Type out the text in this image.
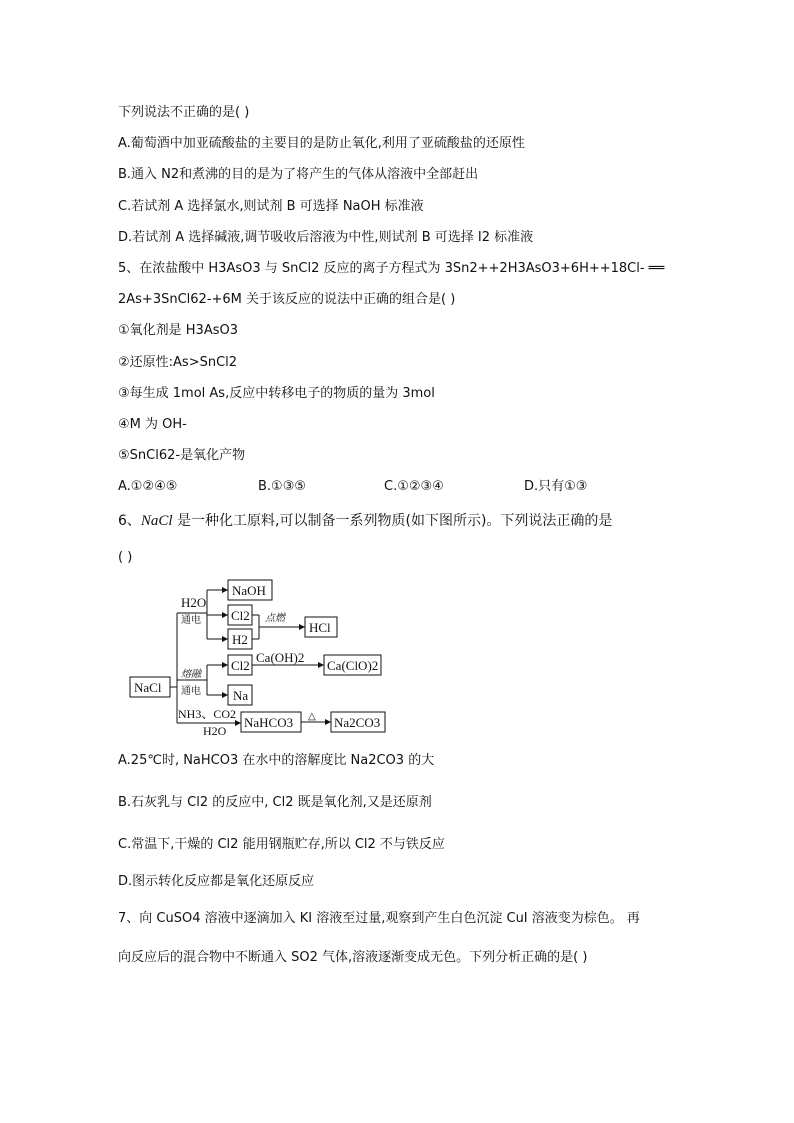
下列说法不正确的是( )
A.葡萄酒中加亚硫酸盐的主要目的是防止氧化,利用了亚硫酸盐的还原性
B.通入 N2和煮沸的目的是为了将产生的气体从溶液中全部赶出
C.若试剂 A 选择氯水,则试剂 B 可选择 NaOH 标准液
D.若试剂 A 选择碱液,调节吸收后溶液为中性,则试剂 B 可选择 I2 标准液
5、在浓盐酸中 H3AsO3 与 SnCl2 反应的离子方程式为 3Sn2++2H3AsO3+6H++18Cl- ══
2As+3SnCl62-+6M 关于该反应的说法中正确的组合是( )
①氧化剂是 H3AsO3
②还原性:As>SnCl2
③每生成 1mol As,反应中转移电子的物质的量为 3mol
④M 为 OH-
⑤SnCl62-是氧化产物
A.①②④⑤	B.①③⑤	C.①②③④	D.只有①③
6、NaCl 是一种化工原料,可以制备一系列物质(如下图所示)。下列说法正确的是
( )
NaCl
NaOH
Cl2
H2
HCl
H2O
通电	点燃
Cl2
Ca(OH)2
Ca(ClO)2
熔融
通电 Na
NH3、CO2
H2O
NaHCO3 △ Na2CO3
A.25℃时, NaHCO3 在水中的溶解度比 Na2CO3 的大
B.石灰乳与 Cl2 的反应中, Cl2 既是氧化剂,又是还原剂
C.常温下,干燥的 Cl2 能用钢瓶贮存,所以 Cl2 不与铁反应
D.图示转化反应都是氧化还原反应
7、向 CuSO4 溶液中逐滴加入 KI 溶液至过量,观察到产生白色沉淀 CuI 溶液变为棕色。 再
向反应后的混合物中不断通入 SO2 气体,溶液逐渐变成无色。下列分析正确的是( )
